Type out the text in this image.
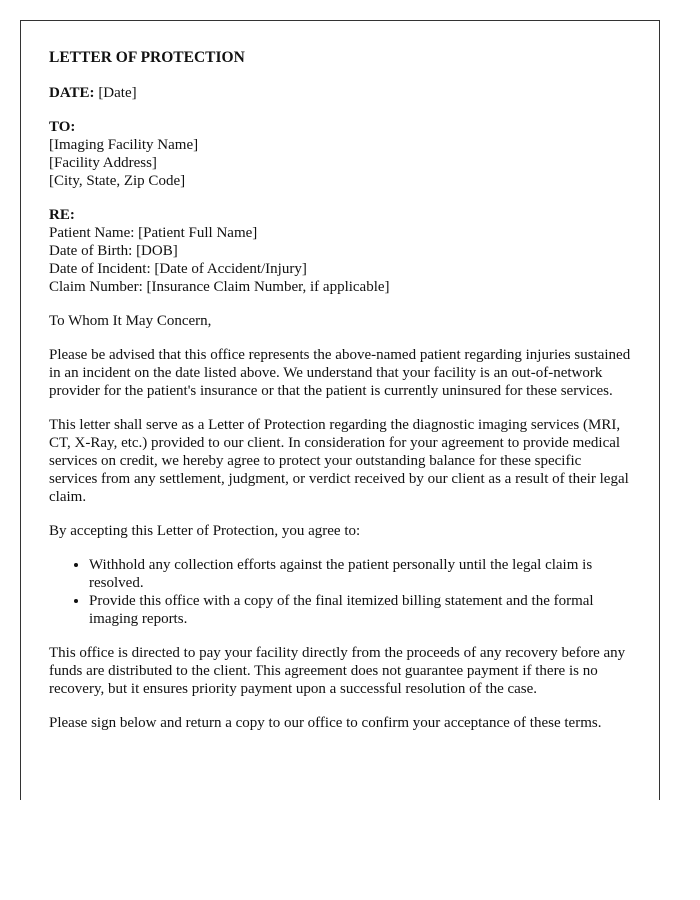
LETTER OF PROTECTION

DATE: [Date]

TO:
[Imaging Facility Name]
[Facility Address]
[City, State, Zip Code]

RE:
Patient Name: [Patient Full Name]
Date of Birth: [DOB]
Date of Incident: [Date of Accident/Injury]
Claim Number: [Insurance Claim Number, if applicable]

To Whom It May Concern,

Please be advised that this office represents the above-named patient regarding injuries sustained in an incident on the date listed above. We understand that your facility is an out-of-network provider for the patient's insurance or that the patient is currently uninsured for these services.

This letter shall serve as a Letter of Protection regarding the diagnostic imaging services (MRI, CT, X-Ray, etc.) provided to our client. In consideration for your agreement to provide medical services on credit, we hereby agree to protect your outstanding balance for these specific services from any settlement, judgment, or verdict received by our client as a result of their legal claim.

By accepting this Letter of Protection, you agree to:

• Withhold any collection efforts against the patient personally until the legal claim is resolved.
• Provide this office with a copy of the final itemized billing statement and the formal imaging reports.

This office is directed to pay your facility directly from the proceeds of any recovery before any funds are distributed to the client. This agreement does not guarantee payment if there is no recovery, but it ensures priority payment upon a successful resolution of the case.

Please sign below and return a copy to our office to confirm your acceptance of these terms.
